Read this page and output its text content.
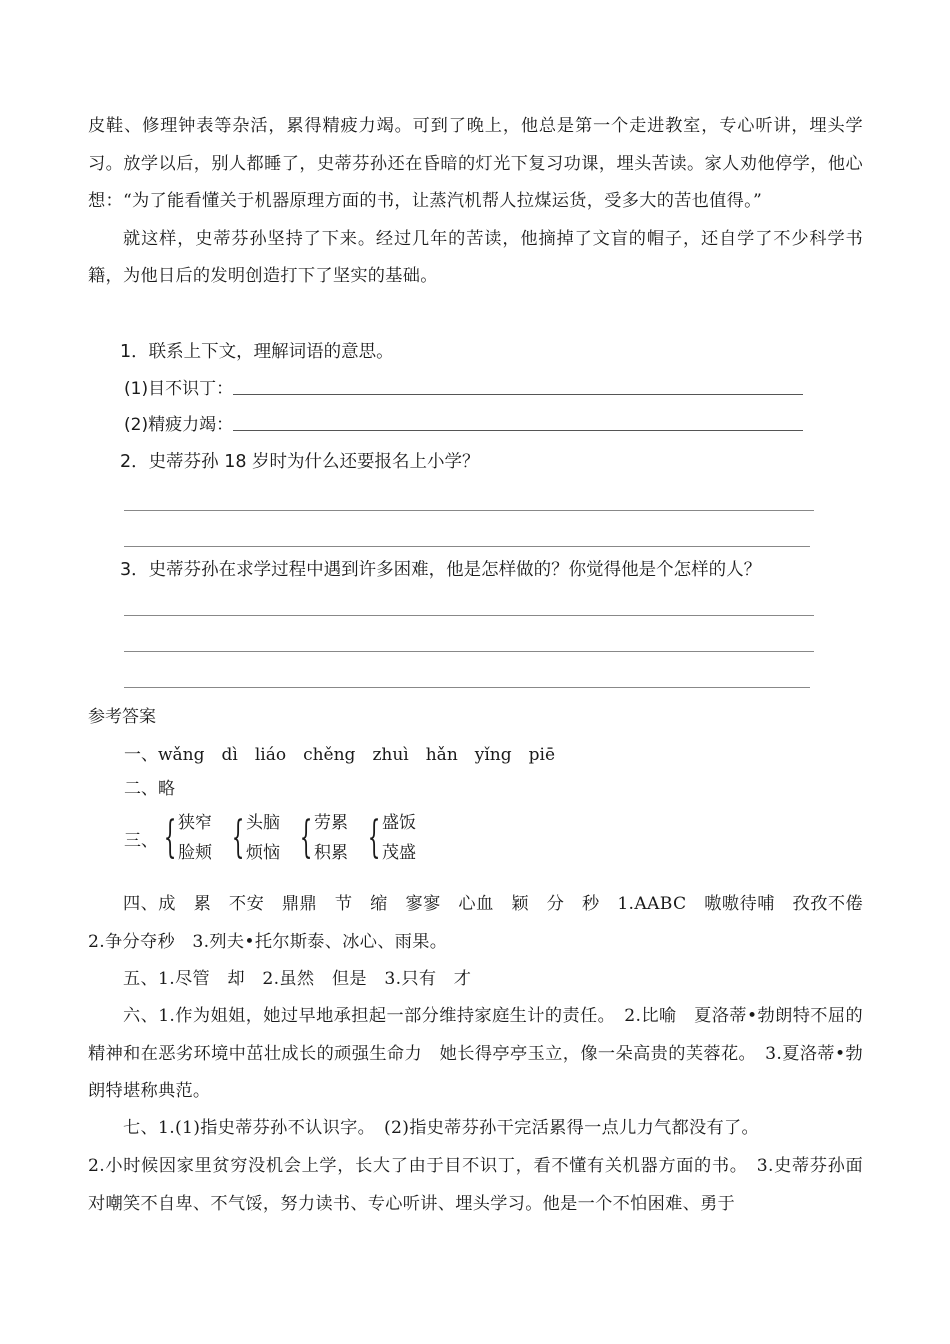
皮鞋、修理钟表等杂活，累得精疲力竭。可到了晚上，他总是第一个走进教室，专心听讲，埋头学习。放学以后，别人都睡了，史蒂芬孙还在昏暗的灯光下复习功课，埋头苦读。家人劝他停学，他心想：“为了能看懂关于机器原理方面的书，让蒸汽机帮人拉煤运货，受多大的苦也值得。”

就这样，史蒂芬孙坚持了下来。经过几年的苦读，他摘掉了文盲的帽子，还自学了不少科学书籍，为他日后的发明创造打下了坚实的基础。

1．联系上下文，理解词语的意思。

(1)目不识丁：
(2)精疲力竭：

2．史蒂芬孙 18 岁时为什么还要报名上小学？

3．史蒂芬孙在求学过程中遇到许多困难，他是怎样做的？你觉得他是个怎样的人？

参考答案

一、wǎng　dì　liáo　chěng　zhuì　hǎn　yǐng　piē

二、略

三、 { 狭窄
脸颊 { 头脑
烦恼 { 劳累
积累 { 盛饭
茂盛

四、成　累　不安　鼎鼎　节　缩　寥寥　心血　颖　分　秒　1.AABC　嗷嗷待哺　孜孜不倦　2.争分夺秒　3.列夫•托尔斯泰、冰心、雨果。

五、1.尽管　却　2.虽然　但是　3.只有　才

六、1.作为姐姐，她过早地承担起一部分维持家庭生计的责任。　2.比喻　夏洛蒂•勃朗特不屈的精神和在恶劣环境中茁壮成长的顽强生命力　她长得亭亭玉立，像一朵高贵的芙蓉花。　3.夏洛蒂•勃朗特堪称典范。

七、1.(1)指史蒂芬孙不认识字。　(2)指史蒂芬孙干完活累得一点儿力气都没有了。

2.小时候因家里贫穷没机会上学，长大了由于目不识丁，看不懂有关机器方面的书。　3.史蒂芬孙面对嘲笑不自卑、不气馁，努力读书、专心听讲、埋头学习。他是一个不怕困难、勇于
